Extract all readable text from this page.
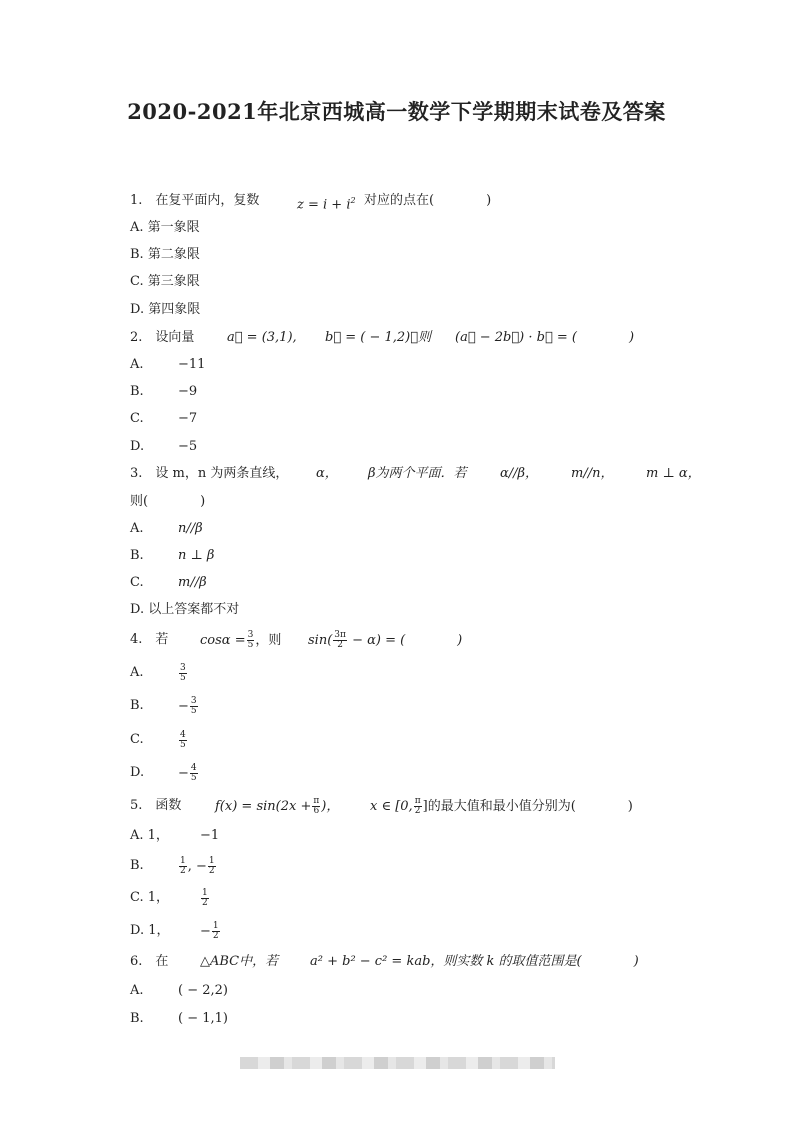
2020-2021年北京西城高一数学下学期期末试卷及答案
1.　在复平面内，复数	$z = i + i^2$ 对应的点在(　　　　)
A. 第一象限
B. 第二象限
C. 第三象限
D. 第四象限
2.　设向量	a⃗ = (3,1), b⃗ = ( − 1,2)，则 (a⃗ − 2b⃗) · b⃗ = (　　　　)
A.	−11
B.	−9
C.	−7
D.	−5
3.　设 m，n 为两条直线， α， β为两个平面．若	α//β，	m//n，	m ⊥ α，
则(　　　　)
A.	n//β
B.	n ⊥ β
C.	m//β
D. 以上答案都不对
4.　若 $\cos\alpha = \frac{3}{5}$ ，则 $\sin( \frac{3\pi}{2} - \alpha)$ = (　　　　)
A.	$\frac{3}{5}$
B.	− $\frac{3}{5}$
C.	$\frac{4}{5}$
D.	− $\frac{4}{5}$
5.　函数	$f(x) = \sin(2x + \frac{\pi}{6}$ )， x ∈ [0, $\frac{\pi}{2}$ ]的最大值和最小值分别为(　　　　)
A. 1， −1
B.	$\frac{1}{2}$ , − $\frac{1}{2}$
C. 1，	$\frac{1}{2}$
D. 1， − $\frac{1}{2}$
6.　在 △ABC中，若 a² + b² − c² = kab，则实数 k 的取值范围是(　　　　)
A.	( − 2,2)
B.	( − 1,1)
